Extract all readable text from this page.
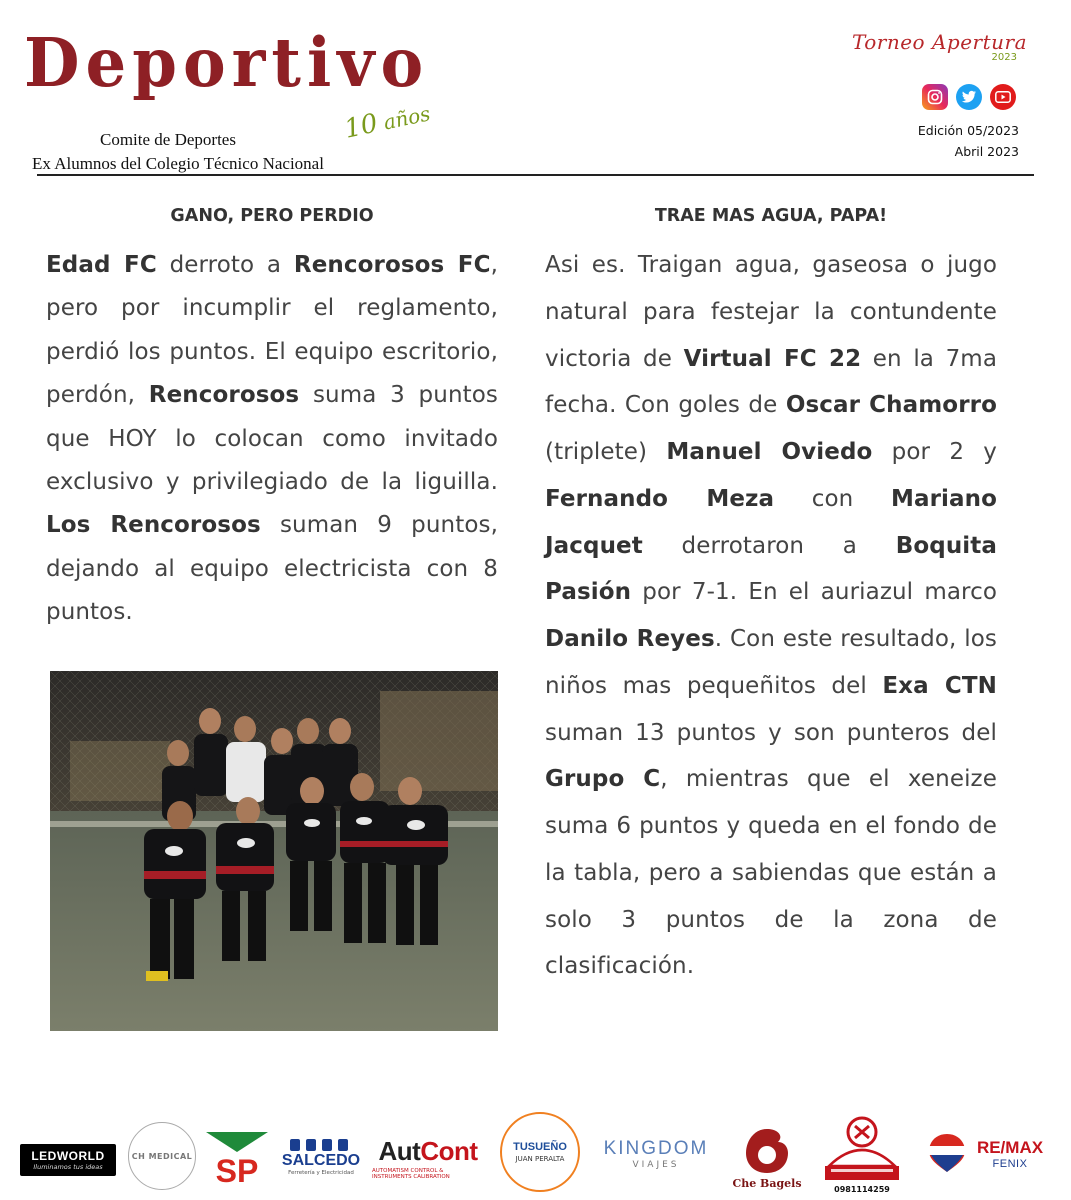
Deportivo
10 años
Comite de Deportes
Ex Alumnos del Colegio Técnico Nacional
Torneo Apertura
2023
Edición 05/2023
Abril 2023
GANO, PERO PERDIO

Edad FC derroto a Rencorosos FC, pero por incumplir el reglamento, perdió los puntos. El equipo escritorio, perdón, Rencorosos suma 3 puntos que HOY lo colocan como invitado exclusivo y privilegiado de la liguilla. Los Rencorosos suman 9 puntos, dejando al equipo electricista con 8 puntos.

TRAE MAS AGUA, PAPA!

Asi es. Traigan agua, gaseosa o jugo natural para festejar la contundente victoria de Virtual FC 22 en la 7ma fecha. Con goles de Oscar Chamorro (triplete) Manuel Oviedo por 2 y Fernando Meza con Mariano Jacquet derrotaron a Boquita Pasión por 7-1. En el auriazul marco Danilo Reyes. Con este resultado, los niños mas pequeñitos del Exa CTN suman 13 puntos y son punteros del Grupo C, mientras que el xeneize suma 6 puntos y queda en el fondo de la tabla, pero a sabiendas que están a solo 3 puntos de la zona de clasificación.

LEDWORLD
Iluminamos tus ideas
CH MEDICAL SP SALCEDO
Ferretería y Electricidad
AutCont
AUTOMATISM CONTROL & INSTRUMENTS CALIBRATION
TUSUEÑO
JUAN PERALTA KINGDOM
VIAJES
Che Bagels	0981114259
RE/MAX
FENIX
